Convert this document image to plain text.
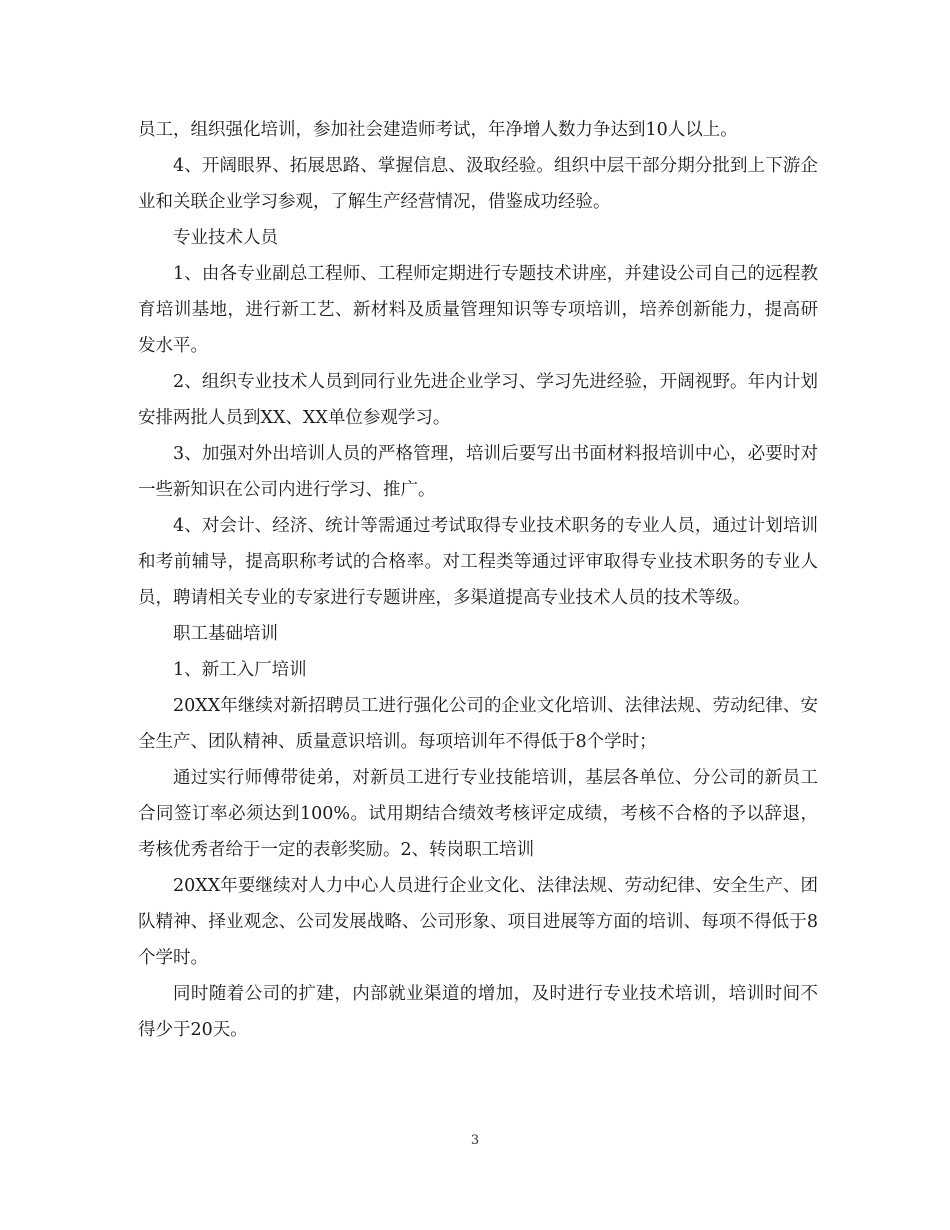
员工，组织强化培训，参加社会建造师考试，年净增人数力争达到10人以上。

4、开阔眼界、拓展思路、掌握信息、汲取经验。组织中层干部分期分批到上下游企业和关联企业学习参观，了解生产经营情况，借鉴成功经验。

专业技术人员

1、由各专业副总工程师、工程师定期进行专题技术讲座，并建设公司自己的远程教育培训基地，进行新工艺、新材料及质量管理知识等专项培训，培养创新能力，提高研发水平。

2、组织专业技术人员到同行业先进企业学习、学习先进经验，开阔视野。年内计划安排两批人员到XX、XX单位参观学习。

3、加强对外出培训人员的严格管理，培训后要写出书面材料报培训中心，必要时对一些新知识在公司内进行学习、推广。

4、对会计、经济、统计等需通过考试取得专业技术职务的专业人员，通过计划培训和考前辅导，提高职称考试的合格率。对工程类等通过评审取得专业技术职务的专业人员，聘请相关专业的专家进行专题讲座，多渠道提高专业技术人员的技术等级。

职工基础培训

1、新工入厂培训

20XX年继续对新招聘员工进行强化公司的企业文化培训、法律法规、劳动纪律、安全生产、团队精神、质量意识培训。每项培训年不得低于8个学时；

通过实行师傅带徒弟，对新员工进行专业技能培训，基层各单位、分公司的新员工合同签订率必须达到100%。试用期结合绩效考核评定成绩，考核不合格的予以辞退，考核优秀者给于一定的表彰奖励。2、转岗职工培训

20XX年要继续对人力中心人员进行企业文化、法律法规、劳动纪律、安全生产、团队精神、择业观念、公司发展战略、公司形象、项目进展等方面的培训、每项不得低于8个学时。

同时随着公司的扩建，内部就业渠道的增加，及时进行专业技术培训，培训时间不得少于20天。

3
